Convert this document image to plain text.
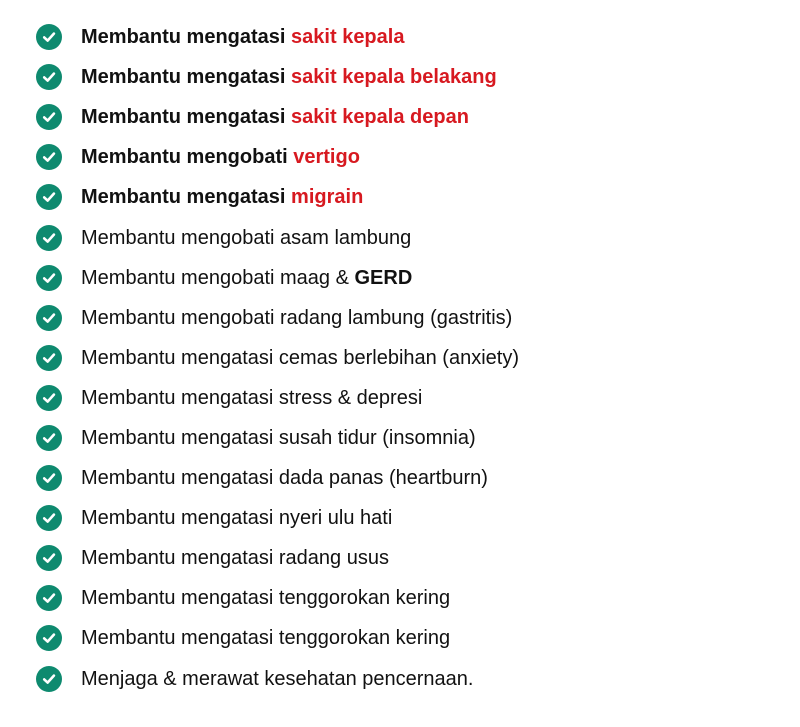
Membantu mengatasi sakit kepala
Membantu mengatasi sakit kepala belakang
Membantu mengatasi sakit kepala depan
Membantu mengobati vertigo
Membantu mengatasi migrain
Membantu mengobati asam lambung
Membantu mengobati maag & GERD
Membantu mengobati radang lambung (gastritis)
Membantu mengatasi cemas berlebihan (anxiety)
Membantu mengatasi stress & depresi
Membantu mengatasi susah tidur (insomnia)
Membantu mengatasi dada panas (heartburn)
Membantu mengatasi nyeri ulu hati
Membantu mengatasi radang usus
Membantu mengatasi tenggorokan kering
Membantu mengatasi tenggorokan kering
Menjaga & merawat kesehatan pencernaan.
